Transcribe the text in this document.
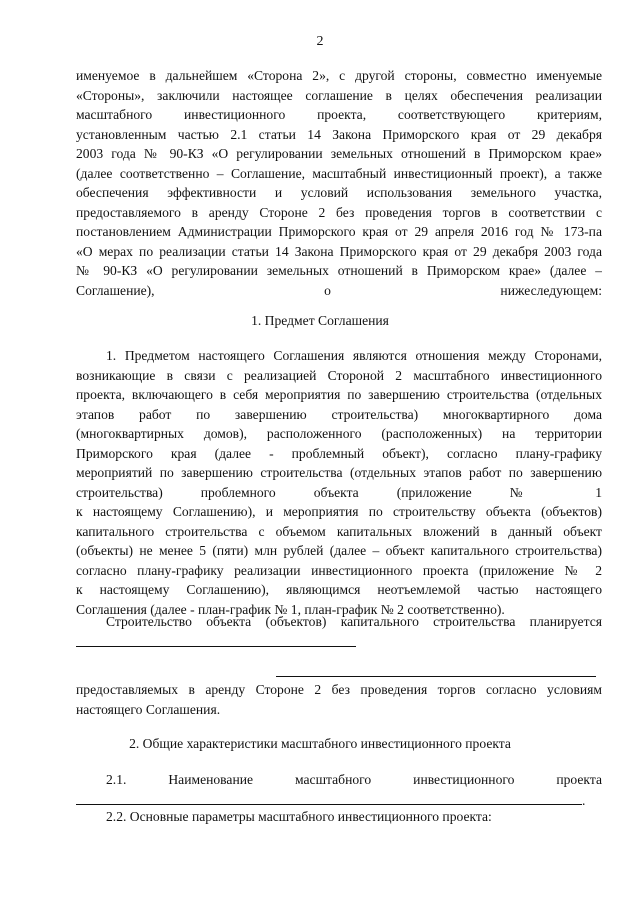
2
именуемое в дальнейшем «Сторона 2», с другой стороны, совместно именуемые
«Стороны», заключили настоящее соглашение в целях обеспечения реализации
масштабного инвестиционного проекта, соответствующего критериям,
установленным частью 2.1 статьи 14 Закона Приморского края от 29 декабря
2003 года № 90-КЗ «О регулировании земельных отношений в Приморском крае»
(далее соответственно – Соглашение, масштабный инвестиционный проект), а также
обеспечения эффективности и условий использования земельного участка,
предоставляемого в аренду Стороне 2 без проведения торгов в соответствии с
постановлением Администрации Приморского края от 29 апреля 2016 год № 173-па
«О мерах по реализации статьи 14 Закона Приморского края от 29 декабря 2003 года
№ 90-КЗ «О регулировании земельных отношений в Приморском крае» (далее –
Соглашение), о нижеследующем:
1. Предмет Соглашения
1. Предметом настоящего Соглашения являются отношения между Сторонами,
возникающие в связи с реализацией Стороной 2 масштабного инвестиционного
проекта, включающего в себя мероприятия по завершению строительства (отдельных
этапов работ по завершению строительства) многоквартирного дома
(многоквартирных домов), расположенного (расположенных) на территории
Приморского края (далее - проблемный объект), согласно плану-графику
мероприятий по завершению строительства (отдельных этапов работ по завершению
строительства) проблемного объекта (приложение № 1
к настоящему Соглашению), и мероприятия по строительству объекта (объектов)
капитального строительства с объемом капитальных вложений в данный объект
(объекты) не менее 5 (пяти) млн рублей (далее – объект капитального строительства)
согласно плану-графику реализации инвестиционного проекта (приложение № 2
к настоящему Соглашению), являющимся неотъемлемой частью настоящего
Соглашения (далее - план-график № 1, план-график № 2 соответственно).
Строительство объекта (объектов) капитального строительства планируется
предоставляемых в аренду Стороне 2 без проведения торгов согласно условиям
настоящего Соглашения.
2. Общие характеристики масштабного инвестиционного проекта
2.1. Наименование масштабного инвестиционного проекта
.
2.2. Основные параметры масштабного инвестиционного проекта:
